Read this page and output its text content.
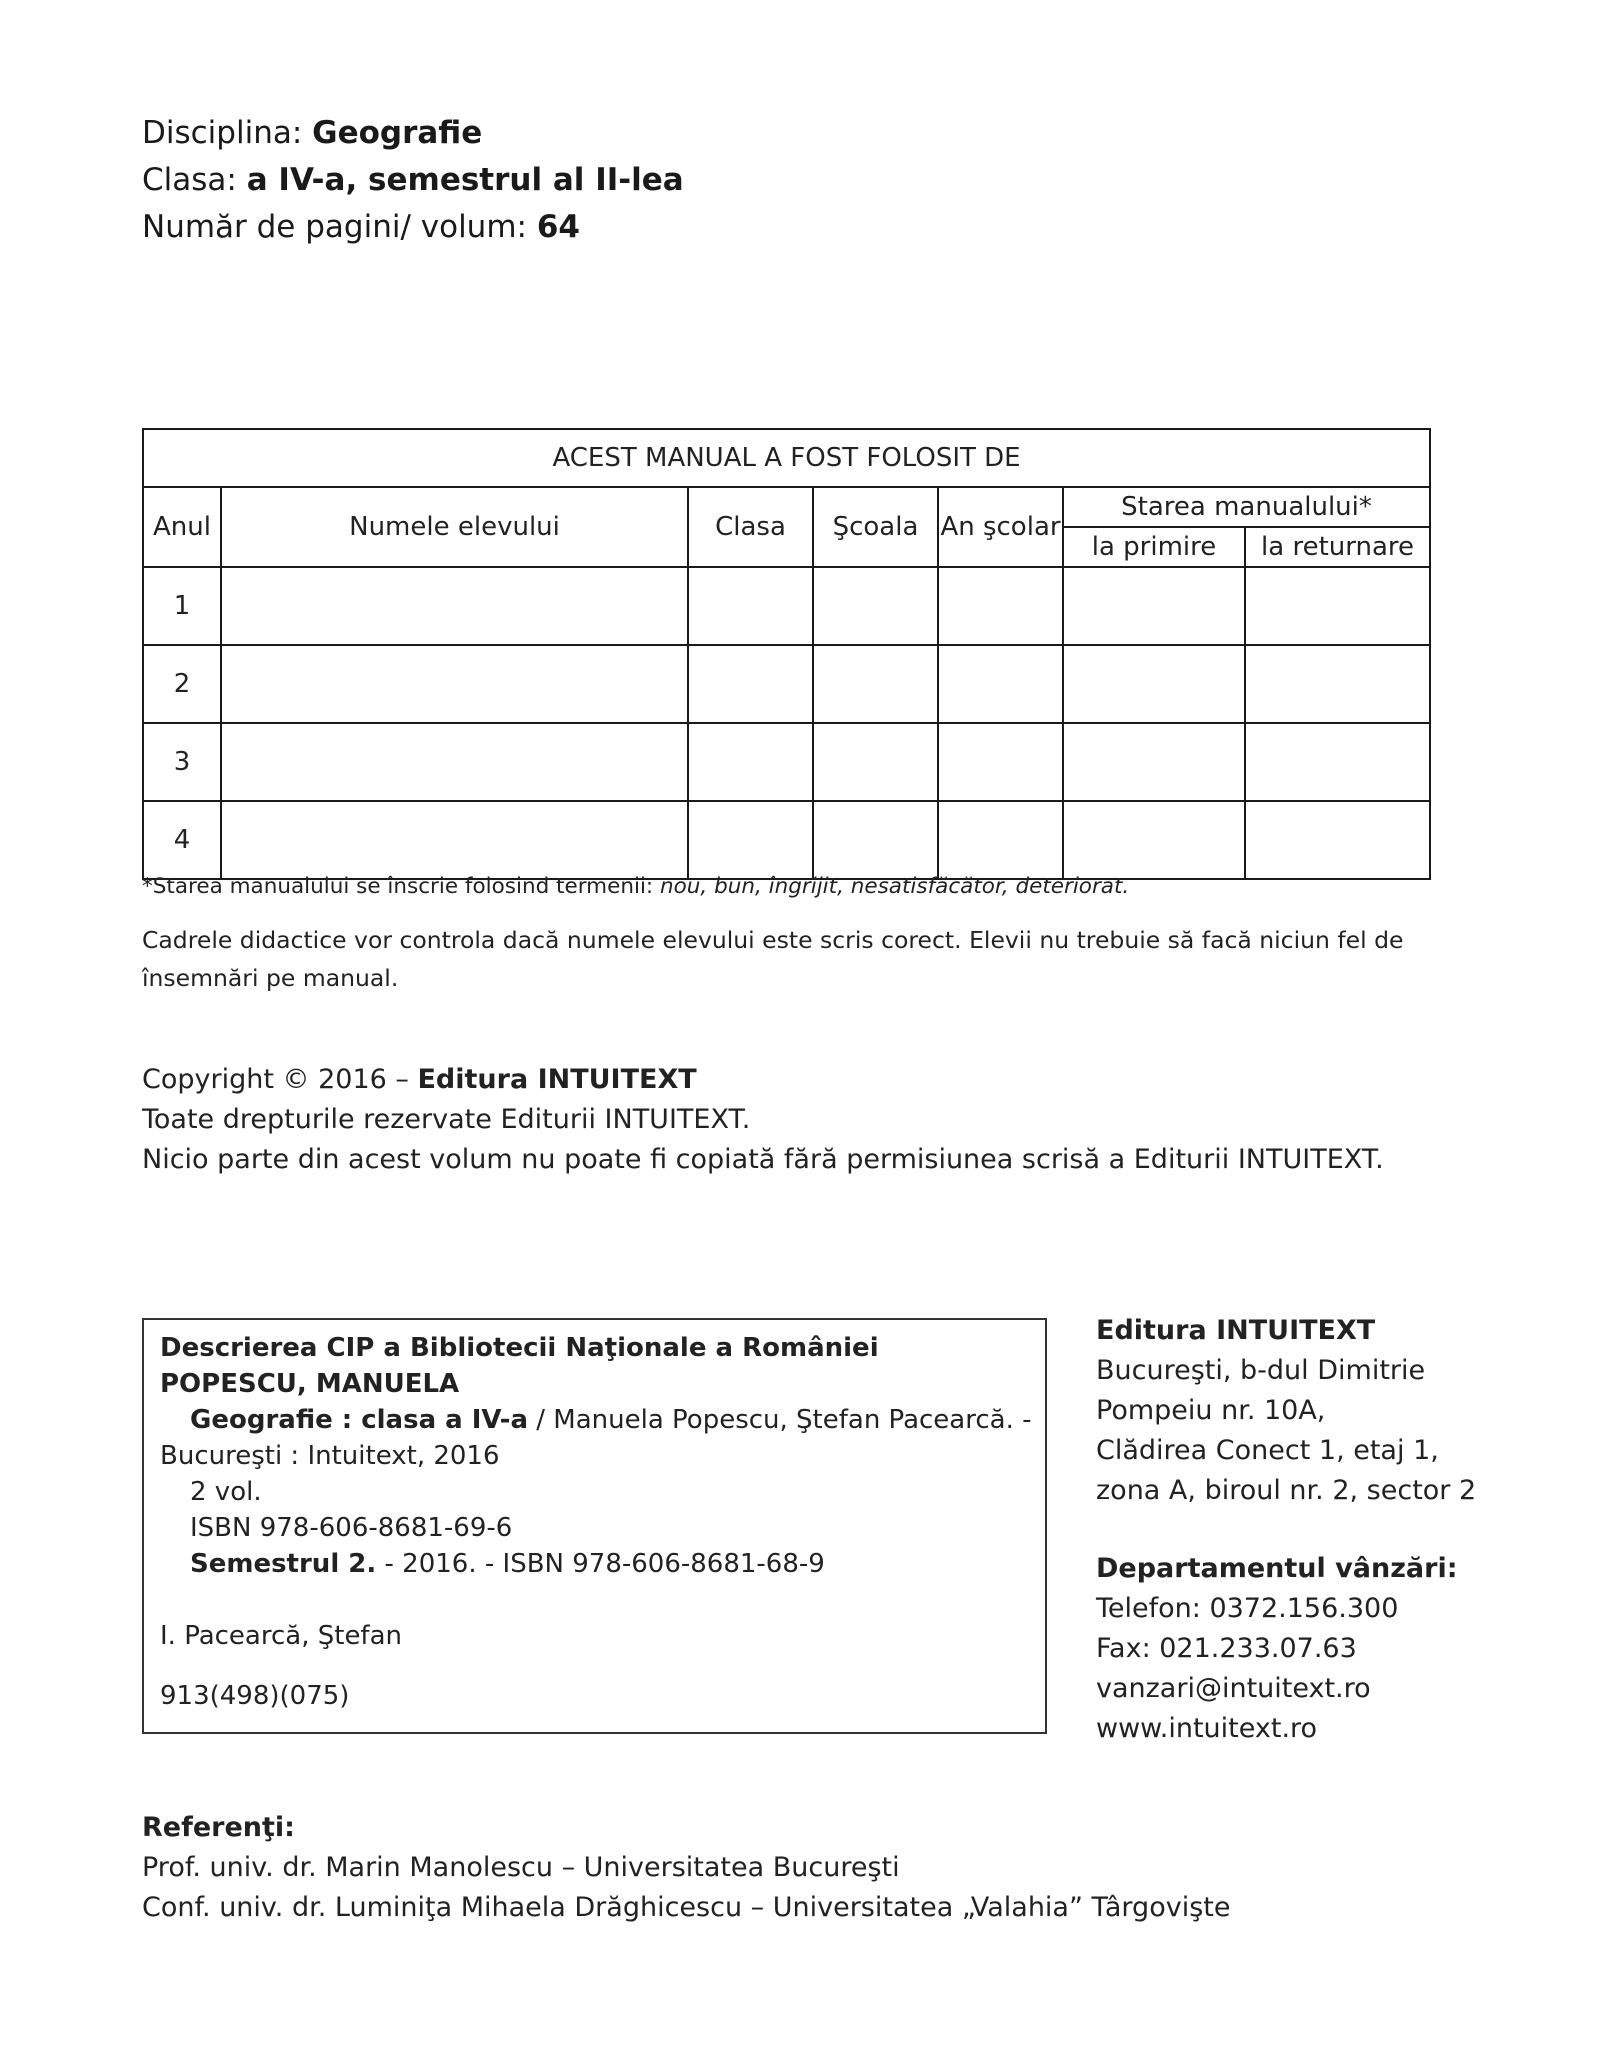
Disciplina: Geografie
Clasa: a IV-a, semestrul al II-lea
Număr de pagini/ volum: 64
ACEST MANUAL A FOST FOLOSIT DE						
Anul	Numele elevului	Clasa	Şcoala	An şcolar	Starea manualului*	
					la primire	la returnare
1						
2						
3						
4						
*Starea manualului se înscrie folosind termenii: nou, bun, îngrijit, nesatisfăcător, deteriorat.
Cadrele didactice vor controla dacă numele elevului este scris corect. Elevii nu trebuie să facă niciun fel de însemnări pe manual.
Copyright © 2016 – Editura INTUITEXT
Toate drepturile rezervate Editurii INTUITEXT.
Nicio parte din acest volum nu poate fi copiată fără permisiunea scrisă a Editurii INTUITEXT.
Descrierea CIP a Bibliotecii Naţionale a României
POPESCU, MANUELA
Geografie : clasa a IV-a / Manuela Popescu, Ştefan Pacearcă. -
Bucureşti : Intuitext, 2016
2 vol.
ISBN 978-606-8681-69-6
Semestrul 2. - 2016. - ISBN 978-606-8681-68-9
I. Pacearcă, Ştefan
913(498)(075)
Editura INTUITEXT
Bucureşti, b-dul Dimitrie
Pompeiu nr. 10A,
Clădirea Conect 1, etaj 1,
zona A, biroul nr. 2, sector 2
Departamentul vânzări:
Telefon: 0372.156.300
Fax: 021.233.07.63
vanzari@intuitext.ro
www.intuitext.ro
Referenţi:
Prof. univ. dr. Marin Manolescu – Universitatea Bucureşti
Conf. univ. dr. Luminiţa Mihaela Drăghicescu – Universitatea „Valahia” Târgovişte
